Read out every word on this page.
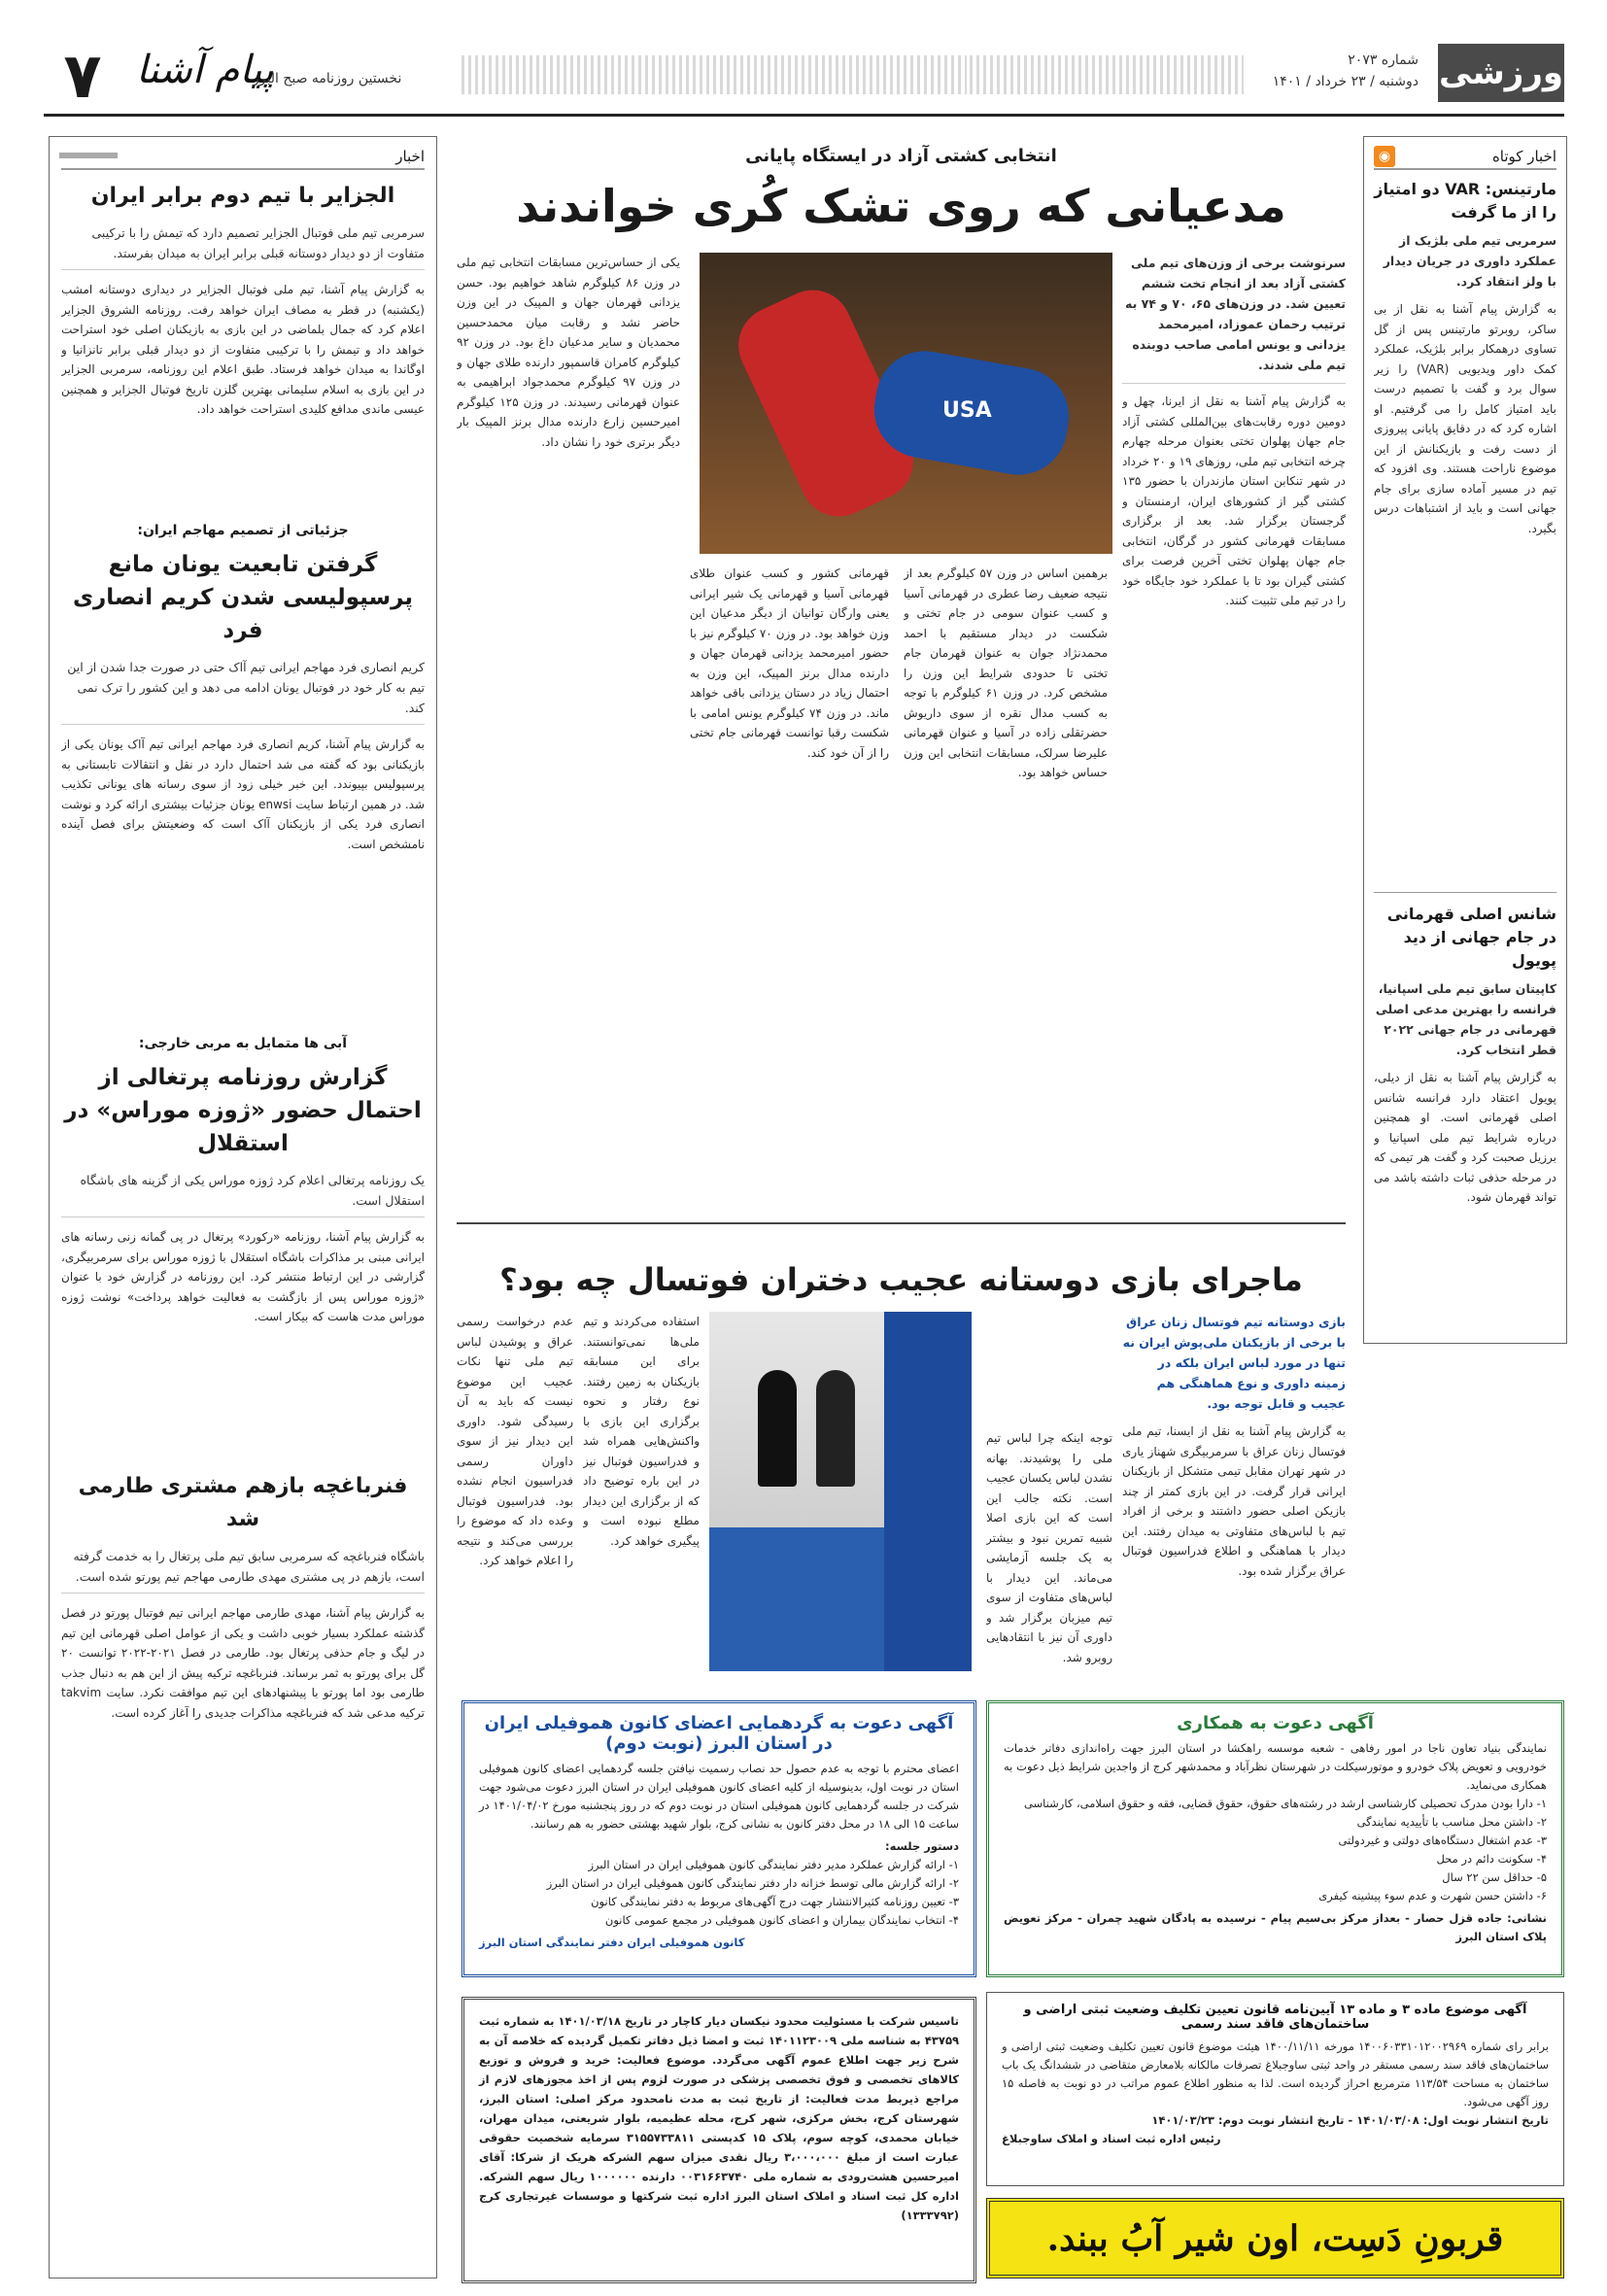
ورزشی
شماره ۲۰۷۳
دوشنبه / ۲۳ خرداد / ۱۴۰۱
۷ پیام آشنا
نخستین روزنامه صبح البرز
اخبار کوتاه
◉
مارتینس: VAR دو امتیاز را از ما گرفت
سرمربی تیم ملی بلژیک از عملکرد داوری در جریان دیدار با ولز انتقاد کرد.
به گزارش پیام آشنا به نقل از بی ساکر، روبرتو مارتینس پس از گل تساوی درهمکار برابر بلژیک، عملکرد کمک داور ویدیویی (VAR) را زیر سوال برد و گفت با تصمیم درست باید امتیاز کامل را می گرفتیم. او اشاره کرد که در دقایق پایانی پیروزی از دست رفت و بازیکنانش از این موضوع ناراحت هستند. وی افزود که تیم در مسیر آماده سازی برای جام جهانی است و باید از اشتباهات درس بگیرد.
شانس اصلی قهرمانی در جام جهانی از دید پویول
کاپیتان سابق تیم ملی اسپانیا، فرانسه را بهترین مدعی اصلی قهرمانی در جام جهانی ۲۰۲۲ قطر انتخاب کرد.
به گزارش پیام آشنا به نقل از دیلی، پویول اعتقاد دارد فرانسه شانس اصلی قهرمانی است. او همچنین درباره شرایط تیم ملی اسپانیا و برزیل صحبت کرد و گفت هر تیمی که در مرحله حذفی ثبات داشته باشد می تواند قهرمان شود.
اخبار
الجزایر با تیم دوم برابر ایران
سرمربی تیم ملی فوتبال الجزایر تصمیم دارد که تیمش را با ترکیبی متفاوت از دو دیدار دوستانه قبلی برابر ایران به میدان بفرستد.
به گزارش پیام آشنا، تیم ملی فوتبال الجزایر در دیداری دوستانه امشب (یکشنبه) در قطر به مصاف ایران خواهد رفت. روزنامه الشروق الجزایر اعلام کرد که جمال بلماضی در این بازی به بازیکنان اصلی خود استراحت خواهد داد و تیمش را با ترکیبی متفاوت از دو دیدار قبلی برابر تانزانیا و اوگاندا به میدان خواهد فرستاد. طبق اعلام این روزنامه، سرمربی الجزایر در این بازی به اسلام سلیمانی بهترین گلزن تاریخ فوتبال الجزایر و همچنین عیسی ماندی مدافع کلیدی استراحت خواهد داد.
جزئیاتی از تصمیم مهاجم ایران:
گرفتن تابعیت یونان مانع پرسپولیسی شدن کریم انصاری فرد
کریم انصاری فرد مهاجم ایرانی تیم آاک حتی در صورت جدا شدن از این تیم به کار خود در فوتبال یونان ادامه می دهد و این کشور را ترک نمی کند.
به گزارش پیام آشنا، کریم انصاری فرد مهاجم ایرانی تیم آاک یونان یکی از بازیکنانی بود که گفته می شد احتمال دارد در نقل و انتقالات تابستانی به پرسپولیس بپیوندد. این خبر خیلی زود از سوی رسانه های یونانی تکذیب شد. در همین ارتباط سایت enwsi یونان جزئیات بیشتری ارائه کرد و نوشت انصاری فرد یکی از بازیکنان آاک است که وضعیتش برای فصل آینده نامشخص است.
آبی ها متمایل به مربی خارجی:
گزارش روزنامه پرتغالی از احتمال حضور «ژوزه موراس» در استقلال
یک روزنامه پرتغالی اعلام کرد ژوزه موراس یکی از گزینه های باشگاه استقلال است.
به گزارش پیام آشنا، روزنامه «رکورد» پرتغال در پی گمانه زنی رسانه های ایرانی مبنی بر مذاکرات باشگاه استقلال با ژوزه موراس برای سرمربیگری، گزارشی در این ارتباط منتشر کرد. این روزنامه در گزارش خود با عنوان «ژوزه موراس پس از بازگشت به فعالیت خواهد پرداخت» نوشت ژوزه موراس مدت هاست که بیکار است.
فنرباغچه بازهم مشتری طارمی شد
باشگاه فنرباغچه که سرمربی سابق تیم ملی پرتغال را به خدمت گرفته است، بازهم در پی مشتری مهدی طارمی مهاجم تیم پورتو شده است.
به گزارش پیام آشنا، مهدی طارمی مهاجم ایرانی تیم فوتبال پورتو در فصل گذشته عملکرد بسیار خوبی داشت و یکی از عوامل اصلی قهرمانی این تیم در لیگ و جام حذفی پرتغال بود. طارمی در فصل ۲۰۲۱-۲۰۲۲ توانست ۲۰ گل برای پورتو به ثمر برساند. فنرباغچه ترکیه پیش از این هم به دنبال جذب طارمی بود اما پورتو با پیشنهادهای این تیم موافقت نکرد. سایت takvim ترکیه مدعی شد که فنرباغچه مذاکرات جدیدی را آغاز کرده است.
انتخابی کشتی آزاد در ایستگاه پایانی
مدعیانی که روی تشک کُری خواندند
سرنوشت برخی از وزن‌های تیم ملی کشتی آزاد بعد از انجام تخت ششم تعیین شد. در وزن‌های ۶۵، ۷۰ و ۷۴ به ترتیب رحمان عموزاد، امیرمحمد یزدانی و یونس امامی صاحب دوبنده تیم ملی شدند.
به گزارش پیام آشنا به نقل از ایرنا، چهل و دومین دوره رقابت‌های بین‌المللی کشتی آزاد جام جهان پهلوان تختی بعنوان مرحله چهارم چرخه انتخابی تیم ملی، روزهای ۱۹ و ۲۰ خرداد در شهر تنکابن استان مازندران با حضور ۱۳۵ کشتی گیر از کشورهای ایران، ارمنستان و گرجستان برگزار شد. بعد از برگزاری مسابقات قهرمانی کشور در گرگان، انتخابی جام جهان پهلوان تختی آخرین فرصت برای کشتی گیران بود تا با عملکرد خود جایگاه خود را در تیم ملی تثبیت کنند.
USA
برهمین اساس در وزن ۵۷ کیلوگرم بعد از نتیجه ضعیف رضا عطری در قهرمانی آسیا و کسب عنوان سومی در جام تختی و شکست در دیدار مستقیم با احمد محمدنژاد جوان به عنوان قهرمان جام تختی تا حدودی شرایط این وزن را مشخص کرد. در وزن ۶۱ کیلوگرم با توجه به کسب مدال نقره از سوی داریوش حضرتقلی زاده در آسیا و عنوان قهرمانی علیرضا سرلک، مسابقات انتخابی این وزن حساس خواهد بود.
قهرمانی کشور و کسب عنوان طلای قهرمانی آسیا و قهرمانی یک شیر ایرانی یعنی وارگان توانیان از دیگر مدعیان این وزن خواهد بود. در وزن ۷۰ کیلوگرم نیز با حضور امیرمحمد یزدانی قهرمان جهان و دارنده مدال برنز المپیک، این وزن به احتمال زیاد در دستان یزدانی باقی خواهد ماند. در وزن ۷۴ کیلوگرم یونس امامی با شکست رقبا توانست قهرمانی جام تختی را از آن خود کند.
یکی از حساس‌ترین مسابقات انتخابی تیم ملی در وزن ۸۶ کیلوگرم شاهد خواهیم بود. حسن یزدانی قهرمان جهان و المپیک در این وزن حاضر نشد و رقابت میان محمدحسین محمدیان و سایر مدعیان داغ بود. در وزن ۹۲ کیلوگرم کامران قاسمپور دارنده طلای جهان و در وزن ۹۷ کیلوگرم محمدجواد ابراهیمی به عنوان قهرمانی رسیدند. در وزن ۱۲۵ کیلوگرم امیرحسین زارع دارنده مدال برنز المپیک بار دیگر برتری خود را نشان داد.
ماجرای بازی دوستانه عجیب دختران فوتسال چه بود؟
بازی دوستانه تیم فوتسال زنان عراق با برخی از بازیکنان ملی‌پوش ایران نه تنها در مورد لباس ایران بلکه در زمینه داوری و نوع هماهنگی هم عجیب و قابل توجه بود.
به گزارش پیام آشنا به نقل از ایسنا، تیم ملی فوتسال زنان عراق با سرمربیگری شهناز یاری در شهر تهران مقابل تیمی متشکل از بازیکنان ایرانی قرار گرفت. در این بازی کمتر از چند بازیکن اصلی حضور داشتند و برخی از افراد تیم با لباس‌های متفاوتی به میدان رفتند. این دیدار با هماهنگی و اطلاع فدراسیون فوتبال عراق برگزار شده بود.
توجه اینکه چرا لباس تیم ملی را پوشیدند. بهانه نشدن لباس یکسان عجیب است. نکته جالب این است که این بازی اصلا شبیه تمرین نبود و بیشتر به یک جلسه آزمایشی می‌ماند. این دیدار با لباس‌های متفاوت از سوی تیم میزبان برگزار شد و داوری آن نیز با انتقادهایی روبرو شد.
استفاده می‌کردند و تیم ملی‌ها نمی‌توانستند. برای این مسابقه بازیکنان به زمین رفتند. نوع رفتار و نحوه برگزاری این بازی با واکنش‌هایی همراه شد و فدراسیون فوتبال نیز در این باره توضیح داد که از برگزاری این دیدار مطلع نبوده است و پیگیری خواهد کرد.
عدم درخواست رسمی عراق و پوشیدن لباس تیم ملی تنها نکات عجیب این موضوع نیست که باید به آن رسیدگی شود. داوری این دیدار نیز از سوی داوران رسمی فدراسیون انجام نشده بود. فدراسیون فوتبال وعده داد که موضوع را بررسی می‌کند و نتیجه را اعلام خواهد کرد.
آگهی دعوت به گردهمایی اعضای کانون هموفیلی ایران در استان البرز (نوبت دوم)
اعضای محترم با توجه به عدم حصول حد نصاب رسمیت نیافتن جلسه گردهمایی اعضای کانون هموفیلی استان در نوبت اول، بدینوسیله از کلیه اعضای کانون هموفیلی ایران در استان البرز دعوت می‌شود جهت شرکت در جلسه گردهمایی کانون هموفیلی استان در نوبت دوم که در روز پنجشنبه مورخ ۱۴۰۱/۰۴/۰۲ در ساعت ۱۵ الی ۱۸ در محل دفتر کانون به نشانی کرج، بلوار شهید بهشتی حضور به هم رسانند.
دستور جلسه:
۱- ارائه گزارش عملکرد مدیر دفتر نمایندگی کانون هموفیلی ایران در استان البرز
۲- ارائه گزارش مالی توسط خزانه دار دفتر نمایندگی کانون هموفیلی ایران در استان البرز
۳- تعیین روزنامه کثیرالانتشار جهت درج آگهی‌های مربوط به دفتر نمایندگی کانون
۴- انتخاب نمایندگان بیماران و اعضای کانون هموفیلی در مجمع عمومی کانون
کانون هموفیلی ایران دفتر نمایندگی استان البرز
آگهی دعوت به همکاری
نمایندگی بنیاد تعاون ناجا در امور رفاهی - شعبه موسسه راهکشا در استان البرز جهت راه‌اندازی دفاتر خدمات خودرویی و تعویض پلاک خودرو و موتورسیکلت در شهرستان نظرآباد و محمدشهر کرج از واجدین شرایط ذیل دعوت به همکاری می‌نماید.
۱- دارا بودن مدرک تحصیلی کارشناسی ارشد در رشته‌های حقوق، حقوق قضایی، فقه و حقوق اسلامی، کارشناسی
۲- داشتن محل مناسب با تأییدیه نمایندگی
۳- عدم اشتغال دستگاه‌های دولتی و غیردولتی
۴- سکونت دائم در محل
۵- حداقل سن ۲۲ سال
۶- داشتن حسن شهرت و عدم سوء پیشینه کیفری
نشانی: جاده قزل حصار - بعداز مرکز بی‌سیم پیام - نرسیده به پادگان شهید چمران - مرکز تعویض پلاک استان البرز
آگهی موضوع ماده ۳ و ماده ۱۳ آیین‌نامه قانون تعیین تکلیف وضعیت ثبتی اراضی و ساختمان‌های فاقد سند رسمی
برابر رای شماره ۱۴۰۰۶۰۳۳۱۰۱۲۰۰۲۹۶۹ مورخه ۱۴۰۰/۱۱/۱۱ هیئت موضوع قانون تعیین تکلیف وضعیت ثبتی اراضی و ساختمان‌های فاقد سند رسمی مستقر در واحد ثبتی ساوجبلاغ تصرفات مالکانه بلامعارض متقاضی در ششدانگ یک باب ساختمان به مساحت ۱۱۳/۵۴ مترمربع احراز گردیده است. لذا به منظور اطلاع عموم مراتب در دو نوبت به فاصله ۱۵ روز آگهی می‌شود.
تاریخ انتشار نوبت اول: ۱۴۰۱/۰۳/۰۸ - تاریخ انتشار نوبت دوم: ۱۴۰۱/۰۳/۲۳
رئیس اداره ثبت اسناد و املاک ساوجبلاغ
تاسیس شرکت با مسئولیت محدود نیکسان دیار کاچار در تاریخ ۱۴۰۱/۰۳/۱۸ به شماره ثبت ۴۳۷۵۹ به شناسه ملی ۱۴۰۱۱۲۳۰۰۹ ثبت و امضا ذیل دفاتر تکمیل گردیده که خلاصه آن به شرح زیر جهت اطلاع عموم آگهی می‌گردد. موضوع فعالیت: خرید و فروش و توزیع کالاهای تخصصی و فوق تخصصی پزشکی در صورت لزوم پس از اخذ مجوزهای لازم از مراجع ذیربط مدت فعالیت: از تاریخ ثبت به مدت نامحدود مرکز اصلی: استان البرز، شهرستان کرج، بخش مرکزی، شهر کرج، محله عظیمیه، بلوار شریعتی، میدان مهران، خیابان محمدی، کوچه سوم، پلاک ۱۵ کدپستی ۳۱۵۵۷۳۳۸۱۱ سرمایه شخصیت حقوقی عبارت است از مبلغ ۳،۰۰۰،۰۰۰ ریال نقدی میزان سهم الشرکه هریک از شرکا: آقای امیرحسین هشت‌رودی به شماره ملی ۰۰۳۱۶۶۳۷۴۰ دارنده ۱۰۰۰۰۰۰ ریال سهم الشرکه. اداره کل ثبت اسناد و املاک استان البرز اداره ثبت شرکتها و موسسات غیرتجاری کرج (۱۳۳۳۷۹۲)
قربونِ دَسِت، اون شیر آبُ ببند.
